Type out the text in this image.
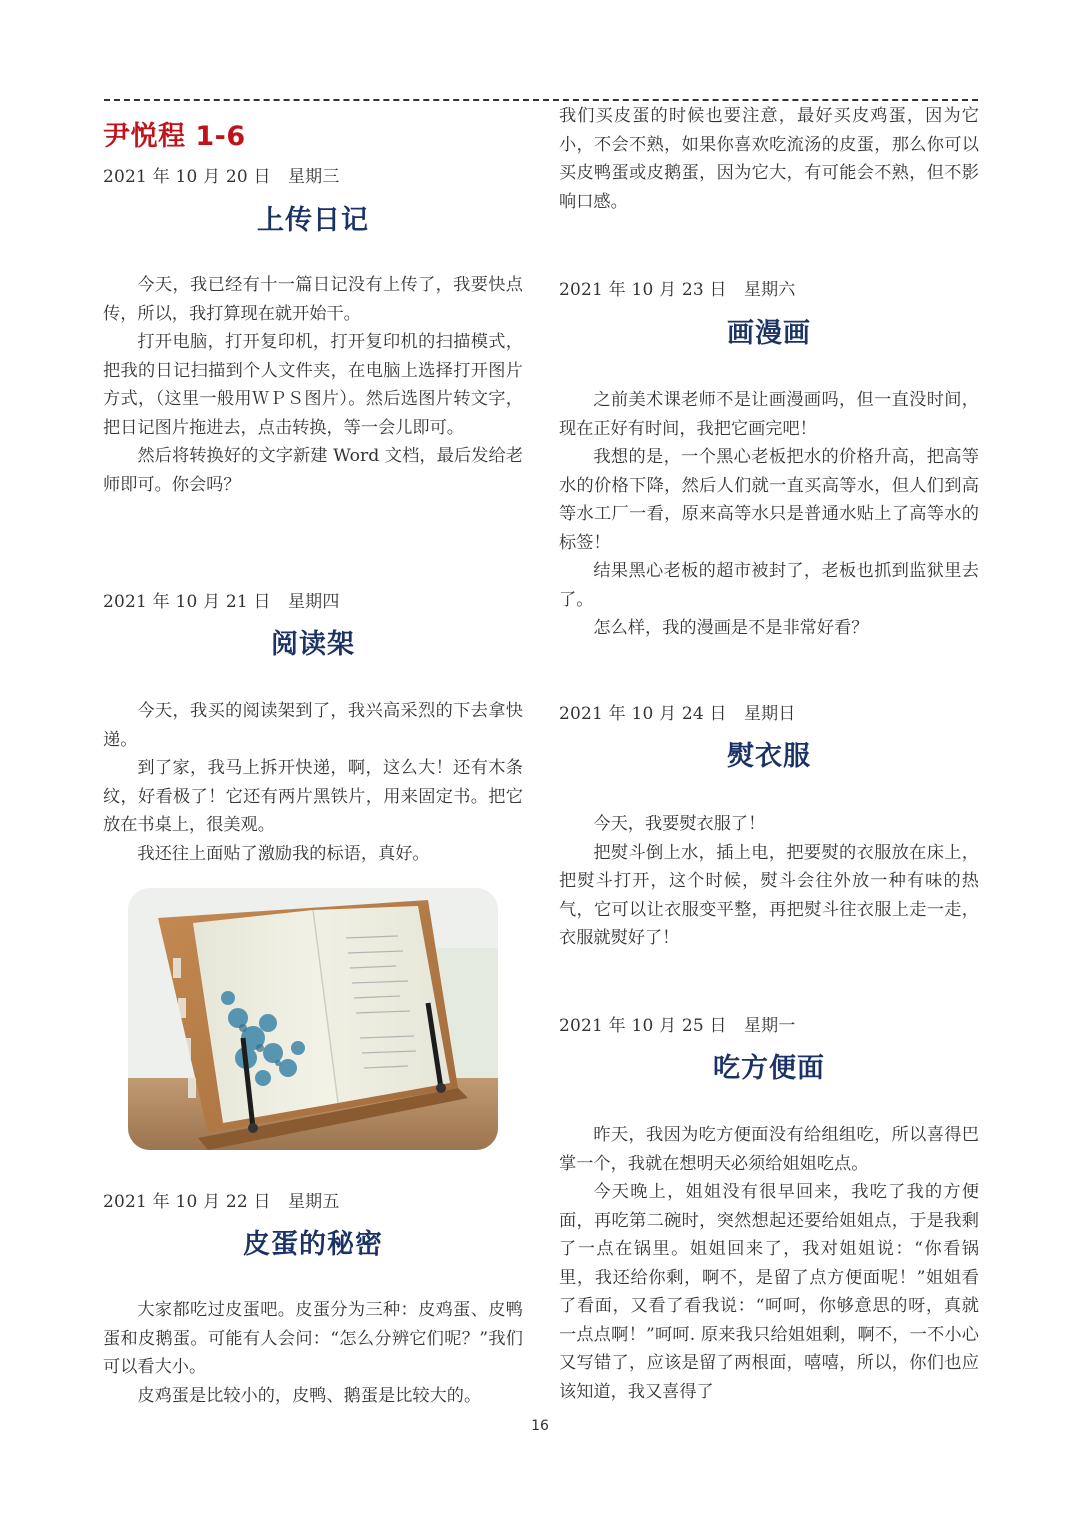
尹悦程 1-6
2021 年 10 月 20 日　星期三
上传日记

今天，我已经有十一篇日记没有上传了，我要快点传，所以，我打算现在就开始干。

打开电脑，打开复印机，打开复印机的扫描模式，把我的日记扫描到个人文件夹，在电脑上选择打开图片方式，（这里一般用ＷＰＳ图片）。然后选图片转文字，把日记图片拖进去，点击转换，等一会儿即可。

然后将转换好的文字新建 Word 文档，最后发给老师即可。你会吗？

2021 年 10 月 21 日　星期四
阅读架

今天，我买的阅读架到了，我兴高采烈的下去拿快递。

到了家，我马上拆开快递，啊，这么大！还有木条纹，好看极了！它还有两片黑铁片，用来固定书。把它放在书桌上，很美观。

我还往上面贴了激励我的标语，真好。

2021 年 10 月 22 日　星期五
皮蛋的秘密

大家都吃过皮蛋吧。皮蛋分为三种：皮鸡蛋、皮鸭蛋和皮鹅蛋。可能有人会问：“怎么分辨它们呢？”我们可以看大小。

皮鸡蛋是比较小的，皮鸭、鹅蛋是比较大的。

我们买皮蛋的时候也要注意，最好买皮鸡蛋，因为它小，不会不熟，如果你喜欢吃流汤的皮蛋，那么你可以买皮鸭蛋或皮鹅蛋，因为它大，有可能会不熟，但不影响口感。

2021 年 10 月 23 日　星期六
画漫画

之前美术课老师不是让画漫画吗，但一直没时间，现在正好有时间，我把它画完吧！

我想的是，一个黑心老板把水的价格升高，把高等水的价格下降，然后人们就一直买高等水，但人们到高等水工厂一看，原来高等水只是普通水贴上了高等水的标签！

结果黑心老板的超市被封了，老板也抓到监狱里去了。

怎么样，我的漫画是不是非常好看？

2021 年 10 月 24 日　星期日
熨衣服

今天，我要熨衣服了！

把熨斗倒上水，插上电，把要熨的衣服放在床上，把熨斗打开，这个时候，熨斗会往外放一种有味的热气，它可以让衣服变平整，再把熨斗往衣服上走一走，衣服就熨好了！

2021 年 10 月 25 日　星期一
吃方便面

昨天，我因为吃方便面没有给组组吃，所以喜得巴掌一个，我就在想明天必须给姐姐吃点。

今天晚上，姐姐没有很早回来，我吃了我的方便面，再吃第二碗时，突然想起还要给姐姐点，于是我剩了一点在锅里。姐姐回来了，我对姐姐说：“你看锅里，我还给你剩，啊不，是留了点方便面呢！”姐姐看了看面，又看了看我说：“呵呵，你够意思的呀，真就一点点啊！”呵呵. 原来我只给姐姐剩，啊不，一不小心又写错了，应该是留了两根面，嘻嘻，所以，你们也应该知道，我又喜得了

16
